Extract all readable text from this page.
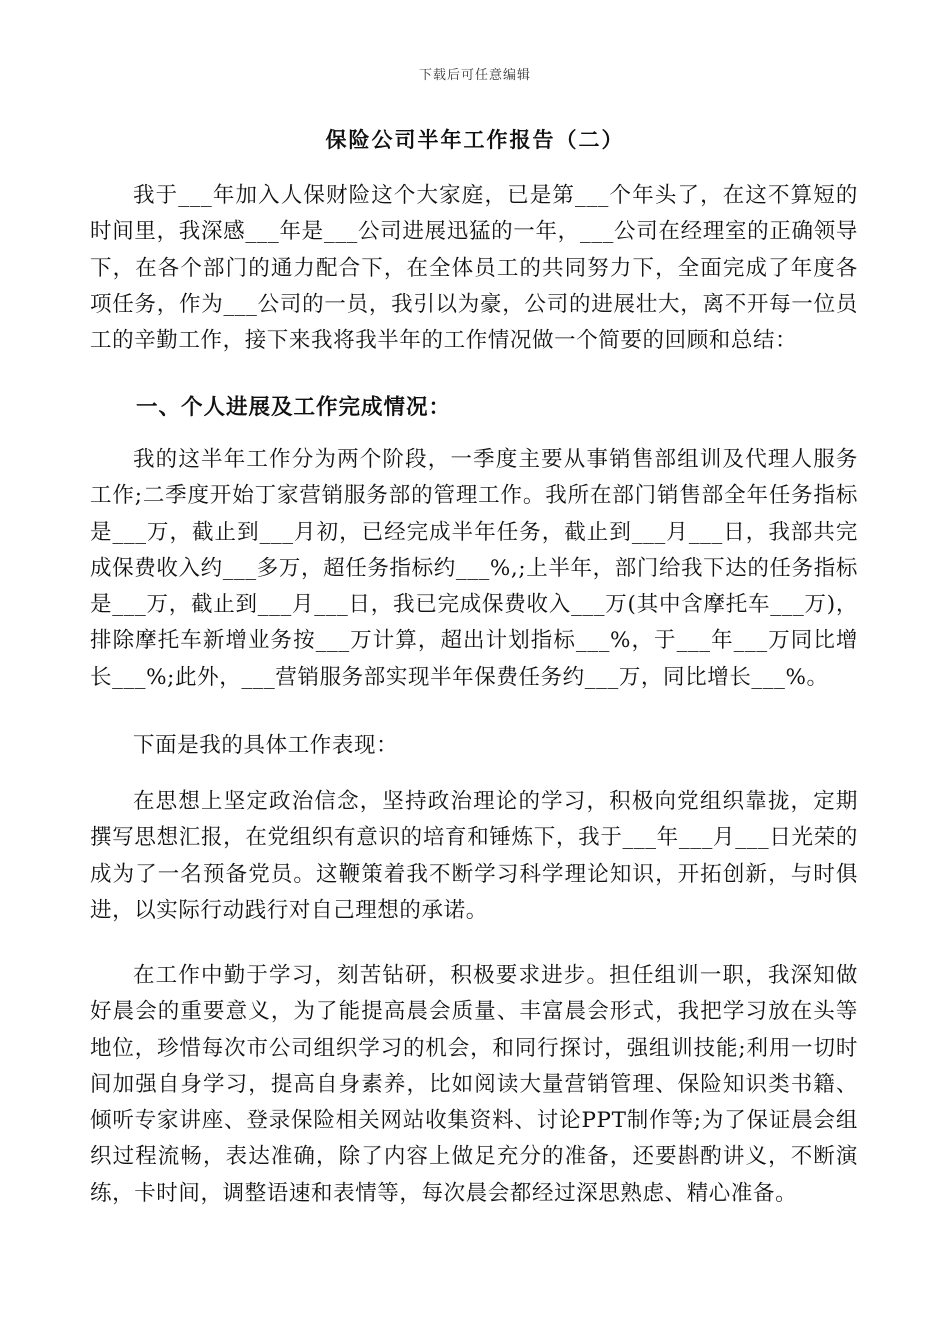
下载后可任意编辑
保险公司半年工作报告（二）

我于___年加入人保财险这个大家庭，已是第___个年头了，在这不算短的时间里，我深感___年是___公司进展迅猛的一年，___公司在经理室的正确领导下，在各个部门的通力配合下，在全体员工的共同努力下，全面完成了年度各项任务，作为___公司的一员，我引以为豪，公司的进展壮大，离不开每一位员工的辛勤工作，接下来我将我半年的工作情况做一个简要的回顾和总结：

一、个人进展及工作完成情况：

我的这半年工作分为两个阶段，一季度主要从事销售部组训及代理人服务工作;二季度开始丁家营销服务部的管理工作。我所在部门销售部全年任务指标是___万，截止到___月初，已经完成半年任务，截止到___月___日，我部共完成保费收入约___多万，超任务指标约___%,;上半年，部门给我下达的任务指标是___万，截止到___月___日，我已完成保费收入___万(其中含摩托车___万)，排除摩托车新增业务按___万计算，超出计划指标___%，于___年___万同比增长___%;此外，___营销服务部实现半年保费任务约___万，同比增长___%。

下面是我的具体工作表现：

在思想上坚定政治信念，坚持政治理论的学习，积极向党组织靠拢，定期撰写思想汇报，在党组织有意识的培育和锤炼下，我于___年___月___日光荣的成为了一名预备党员。这鞭策着我不断学习科学理论知识，开拓创新，与时俱进，以实际行动践行对自己理想的承诺。

在工作中勤于学习，刻苦钻研，积极要求进步。担任组训一职，我深知做好晨会的重要意义，为了能提高晨会质量、丰富晨会形式，我把学习放在头等地位，珍惜每次市公司组织学习的机会，和同行探讨，强组训技能;利用一切时间加强自身学习，提高自身素养，比如阅读大量营销管理、保险知识类书籍、倾听专家讲座、登录保险相关网站收集资料、讨论PPT制作等;为了保证晨会组织过程流畅，表达准确，除了内容上做足充分的准备，还要斟酌讲义，不断演练，卡时间，调整语速和表情等，每次晨会都经过深思熟虑、精心准备。
